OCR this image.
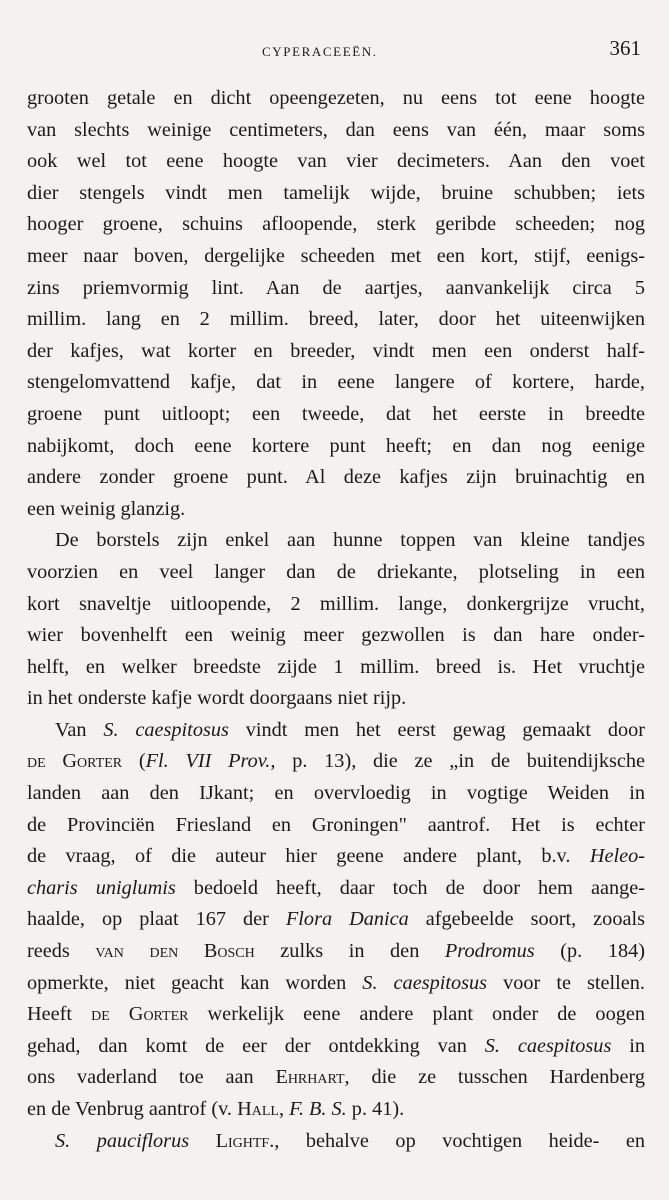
CYPERACEEËN.	361
grooten getale en dicht opeengezeten, nu eens tot eene hoogte
van slechts weinige centimeters, dan eens van één, maar soms
ook wel tot eene hoogte van vier decimeters. Aan den voet
dier stengels vindt men tamelijk wijde, bruine schubben; iets
hooger groene, schuins afloopende, sterk geribde scheeden; nog
meer naar boven, dergelijke scheeden met een kort, stijf, eenigs-
zins priemvormig lint. Aan de aartjes, aanvankelijk circa 5
millim. lang en 2 millim. breed, later, door het uiteenwijken
der kafjes, wat korter en breeder, vindt men een onderst half-
stengelomvattend kafje, dat in eene langere of kortere, harde,
groene punt uitloopt; een tweede, dat het eerste in breedte
nabijkomt, doch eene kortere punt heeft; en dan nog eenige
andere zonder groene punt. Al deze kafjes zijn bruinachtig en
een weinig glanzig.
De borstels zijn enkel aan hunne toppen van kleine tandjes
voorzien en veel langer dan de driekante, plotseling in een
kort snaveltje uitloopende, 2 millim. lange, donkergrijze vrucht,
wier bovenhelft een weinig meer gezwollen is dan hare onder-
helft, en welker breedste zijde 1 millim. breed is. Het vruchtje
in het onderste kafje wordt doorgaans niet rijp.
Van S. caespitosus vindt men het eerst gewag gemaakt door
de Gorter (Fl. VII Prov., p. 13), die ze „in de buitendijksche
landen aan den IJkant; en overvloedig in vogtige Weiden in
de Provinciën Friesland en Groningen" aantrof. Het is echter
de vraag, of die auteur hier geene andere plant, b.v. Heleo-
charis uniglumis bedoeld heeft, daar toch de door hem aange-
haalde, op plaat 167 der Flora Danica afgebeelde soort, zooals
reeds van den Bosch zulks in den Prodromus (p. 184)
opmerkte, niet geacht kan worden S. caespitosus voor te stellen.
Heeft de Gorter werkelijk eene andere plant onder de oogen
gehad, dan komt de eer der ontdekking van S. caespitosus in
ons vaderland toe aan Ehrhart, die ze tusschen Hardenberg
en de Venbrug aantrof (v. Hall, F. B. S. p. 41).
S. pauciflorus Lightf., behalve op vochtigen heide- en
